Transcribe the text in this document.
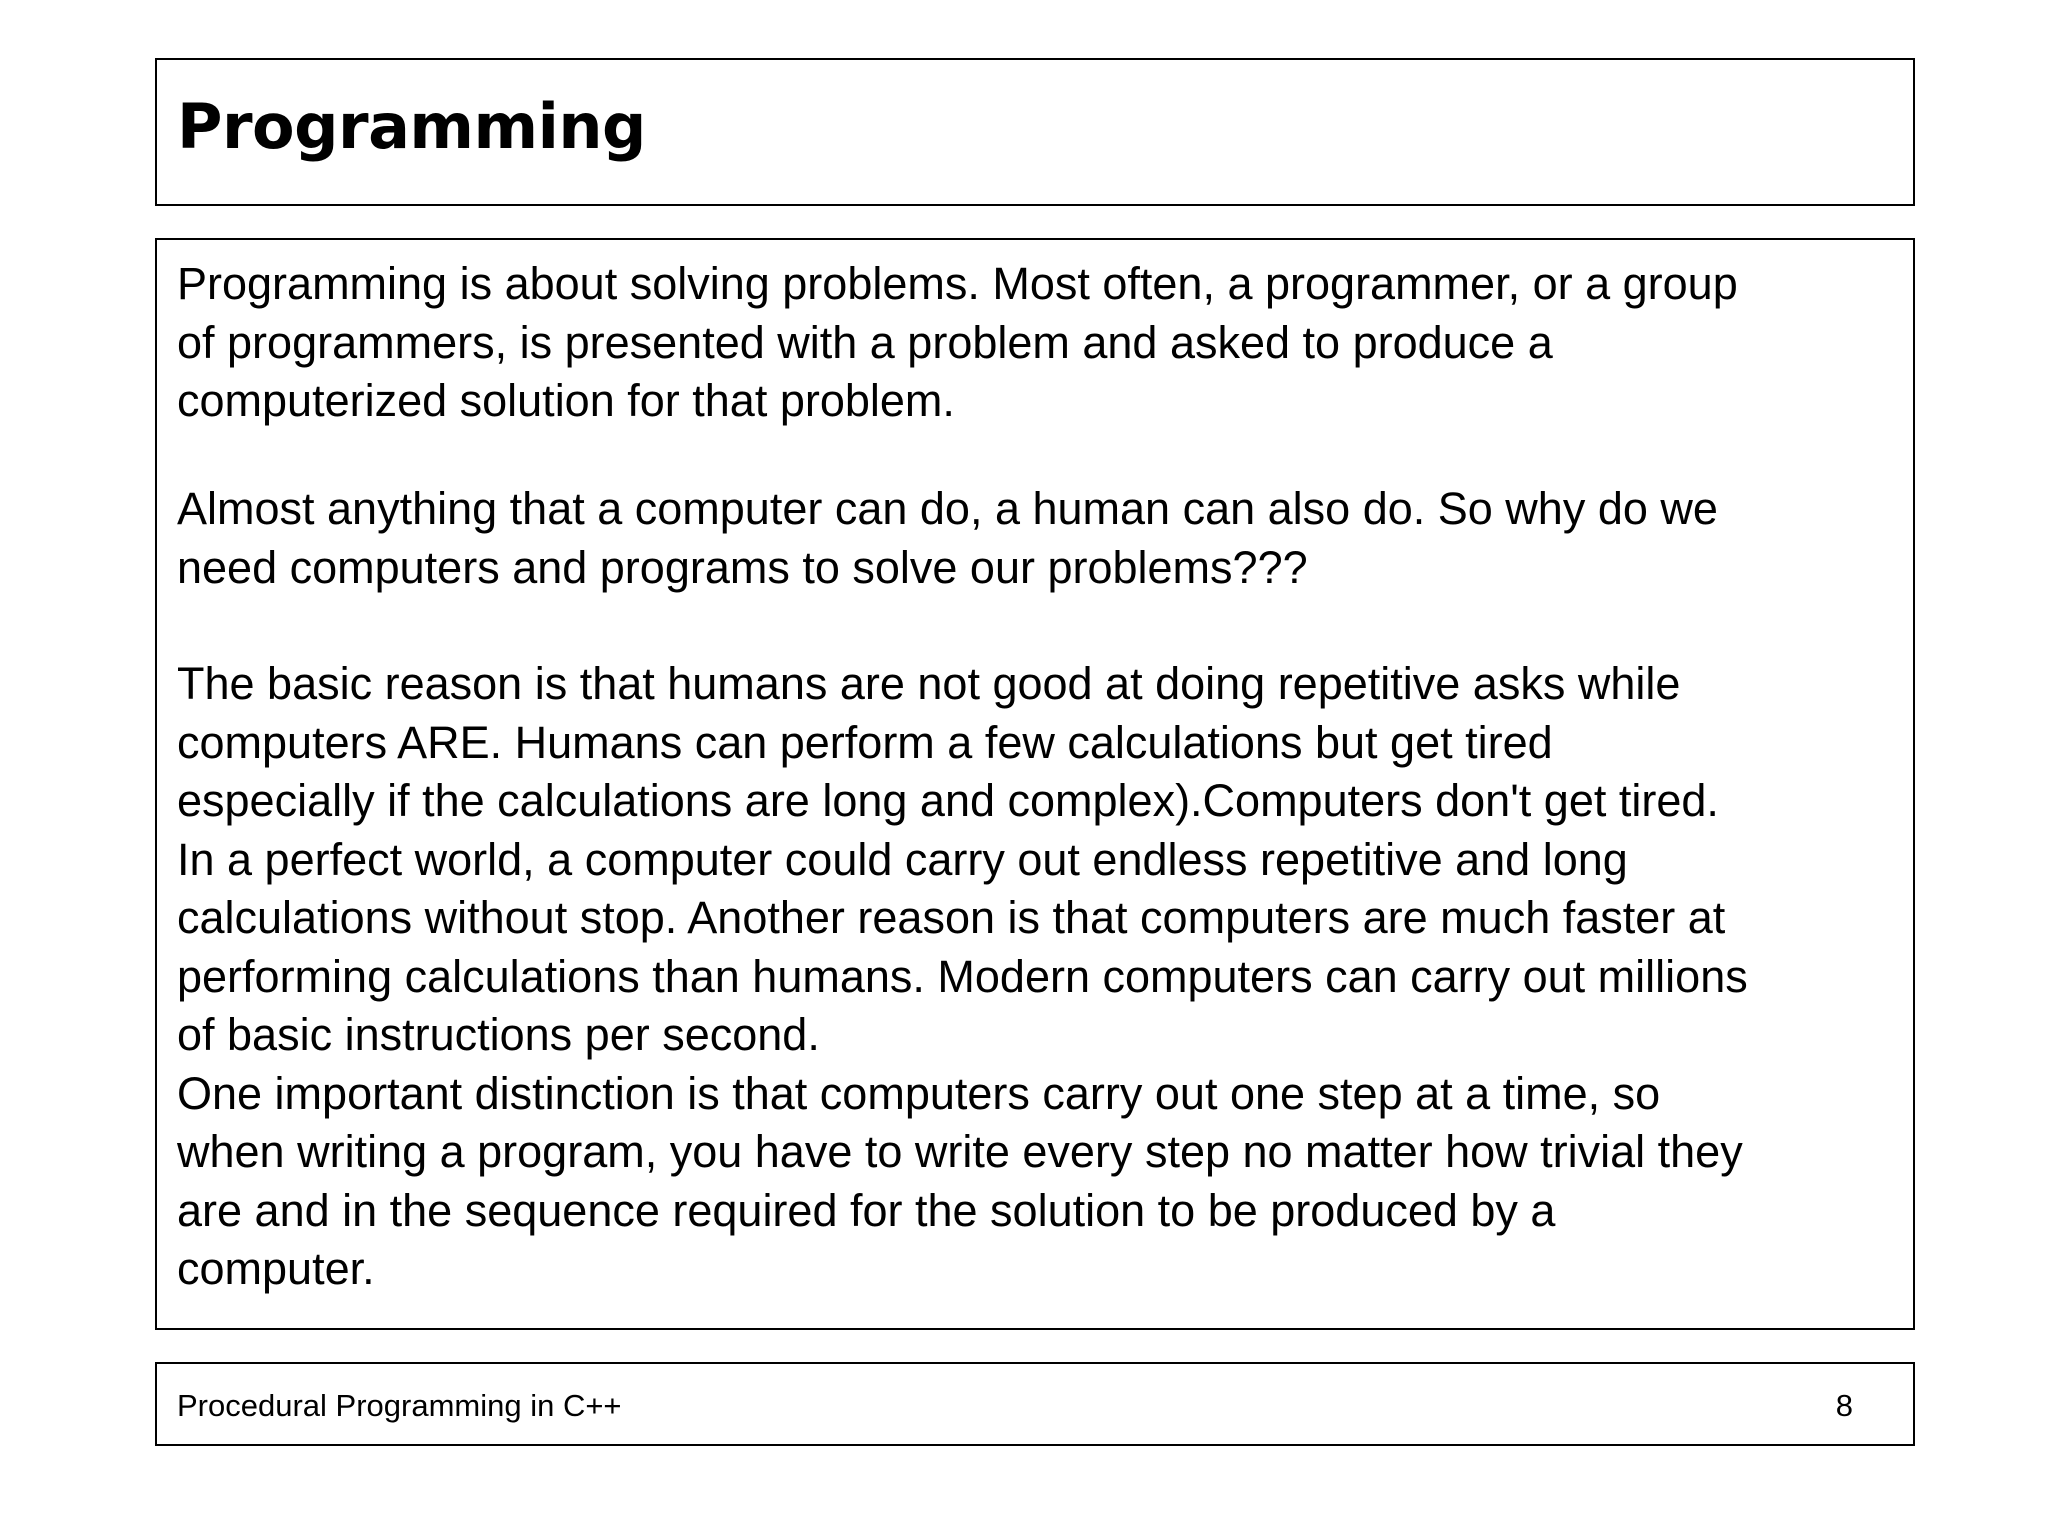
Programming

Programming is about solving problems. Most often, a programmer, or a group
of programmers, is presented with a problem and asked to produce a
computerized solution for that problem.

Almost anything that a computer can do, a human can also do. So why do we
need computers and programs to solve our problems???

The basic reason is that humans are not good at doing repetitive asks while
computers ARE. Humans can perform a few calculations but get tired
especially if the calculations are long and complex).Computers don't get tired.
In a perfect world, a computer could carry out endless repetitive and long
calculations without stop. Another reason is that computers are much faster at
performing calculations than humans. Modern computers can carry out millions
of basic instructions per second.
One important distinction is that computers carry out one step at a time, so
when writing a program, you have to write every step no matter how trivial they
are and in the sequence required for the solution to be produced by a
computer.

Procedural Programming in C++	8
